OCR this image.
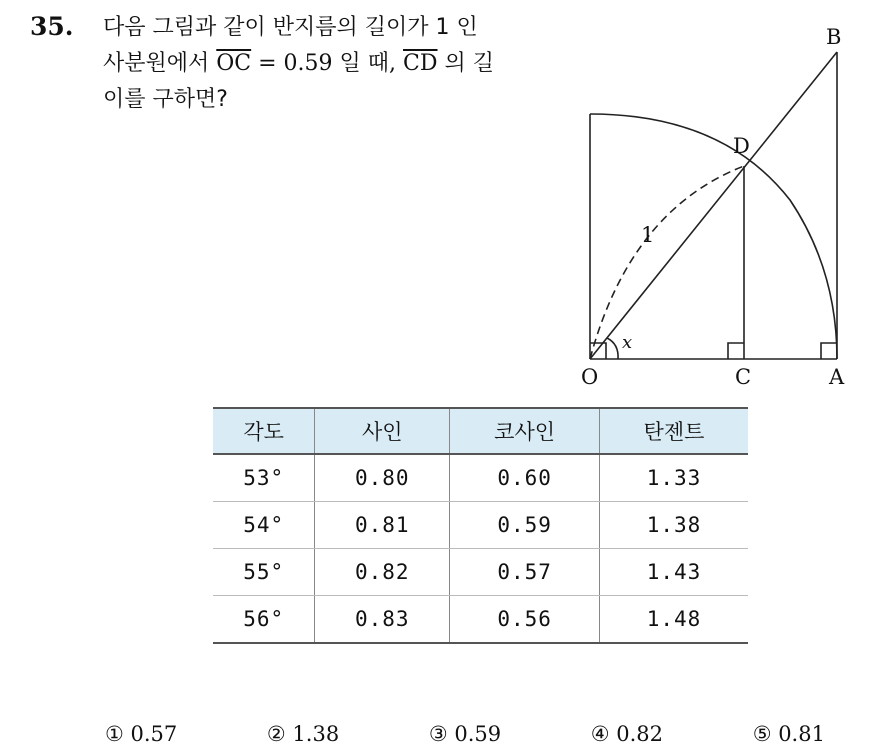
35. 다음 그림과 같이 반지름의 길이가 1 인
사분원에서 $\overline{OC} = 0.59$ 일 때, $\overline{CD}$ 의 길
이를 구하면?
O	C	A
B
D
1
x
각도	사인	코사인	탄젠트
53°	0.80	0.60	1.33
54°	0.81	0.59	1.38
55°	0.82	0.57	1.43
56°	0.83	0.56	1.48
① 0.57	② 1.38	③ 0.59	④ 0.82	⑤ 0.81
